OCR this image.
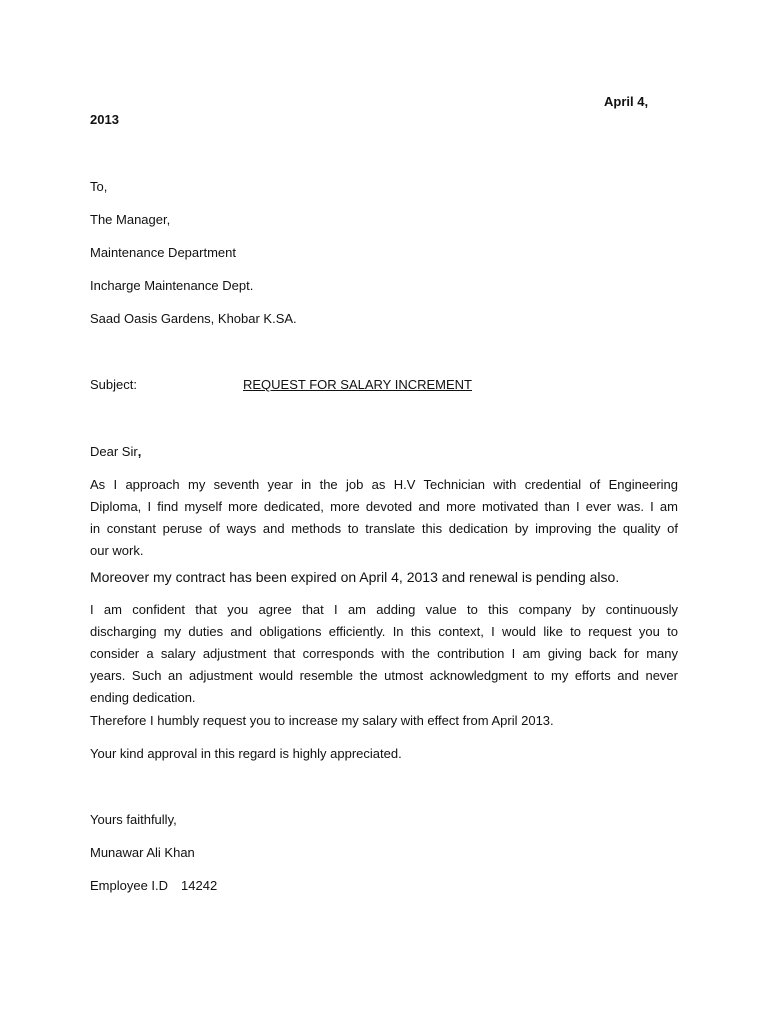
April 4,
2013
To,
The Manager,
Maintenance Department
Incharge Maintenance Dept.
Saad Oasis Gardens, Khobar K.SA.
Subject:	REQUEST FOR SALARY INCREMENT
Dear Sir,
As I approach my seventh year in the job as H.V Technician with credential of Engineering
Diploma, I find myself more dedicated, more devoted and more motivated than I ever was. I am
in constant peruse of ways and methods to translate this dedication by improving the quality of
our work.
Moreover my contract has been expired on April 4, 2013 and renewal is pending also.
I am confident that you agree that I am adding value to this company by continuously
discharging my duties and obligations efficiently. In this context, I would like to request you to
consider a salary adjustment that corresponds with the contribution I am giving back for many
years. Such an adjustment would resemble the utmost acknowledgment to my efforts and never
ending dedication.
Therefore I humbly request you to increase my salary with effect from April 2013.
Your kind approval in this regard is highly appreciated.
Yours faithfully,
Munawar Ali Khan
Employee I.D 14242
